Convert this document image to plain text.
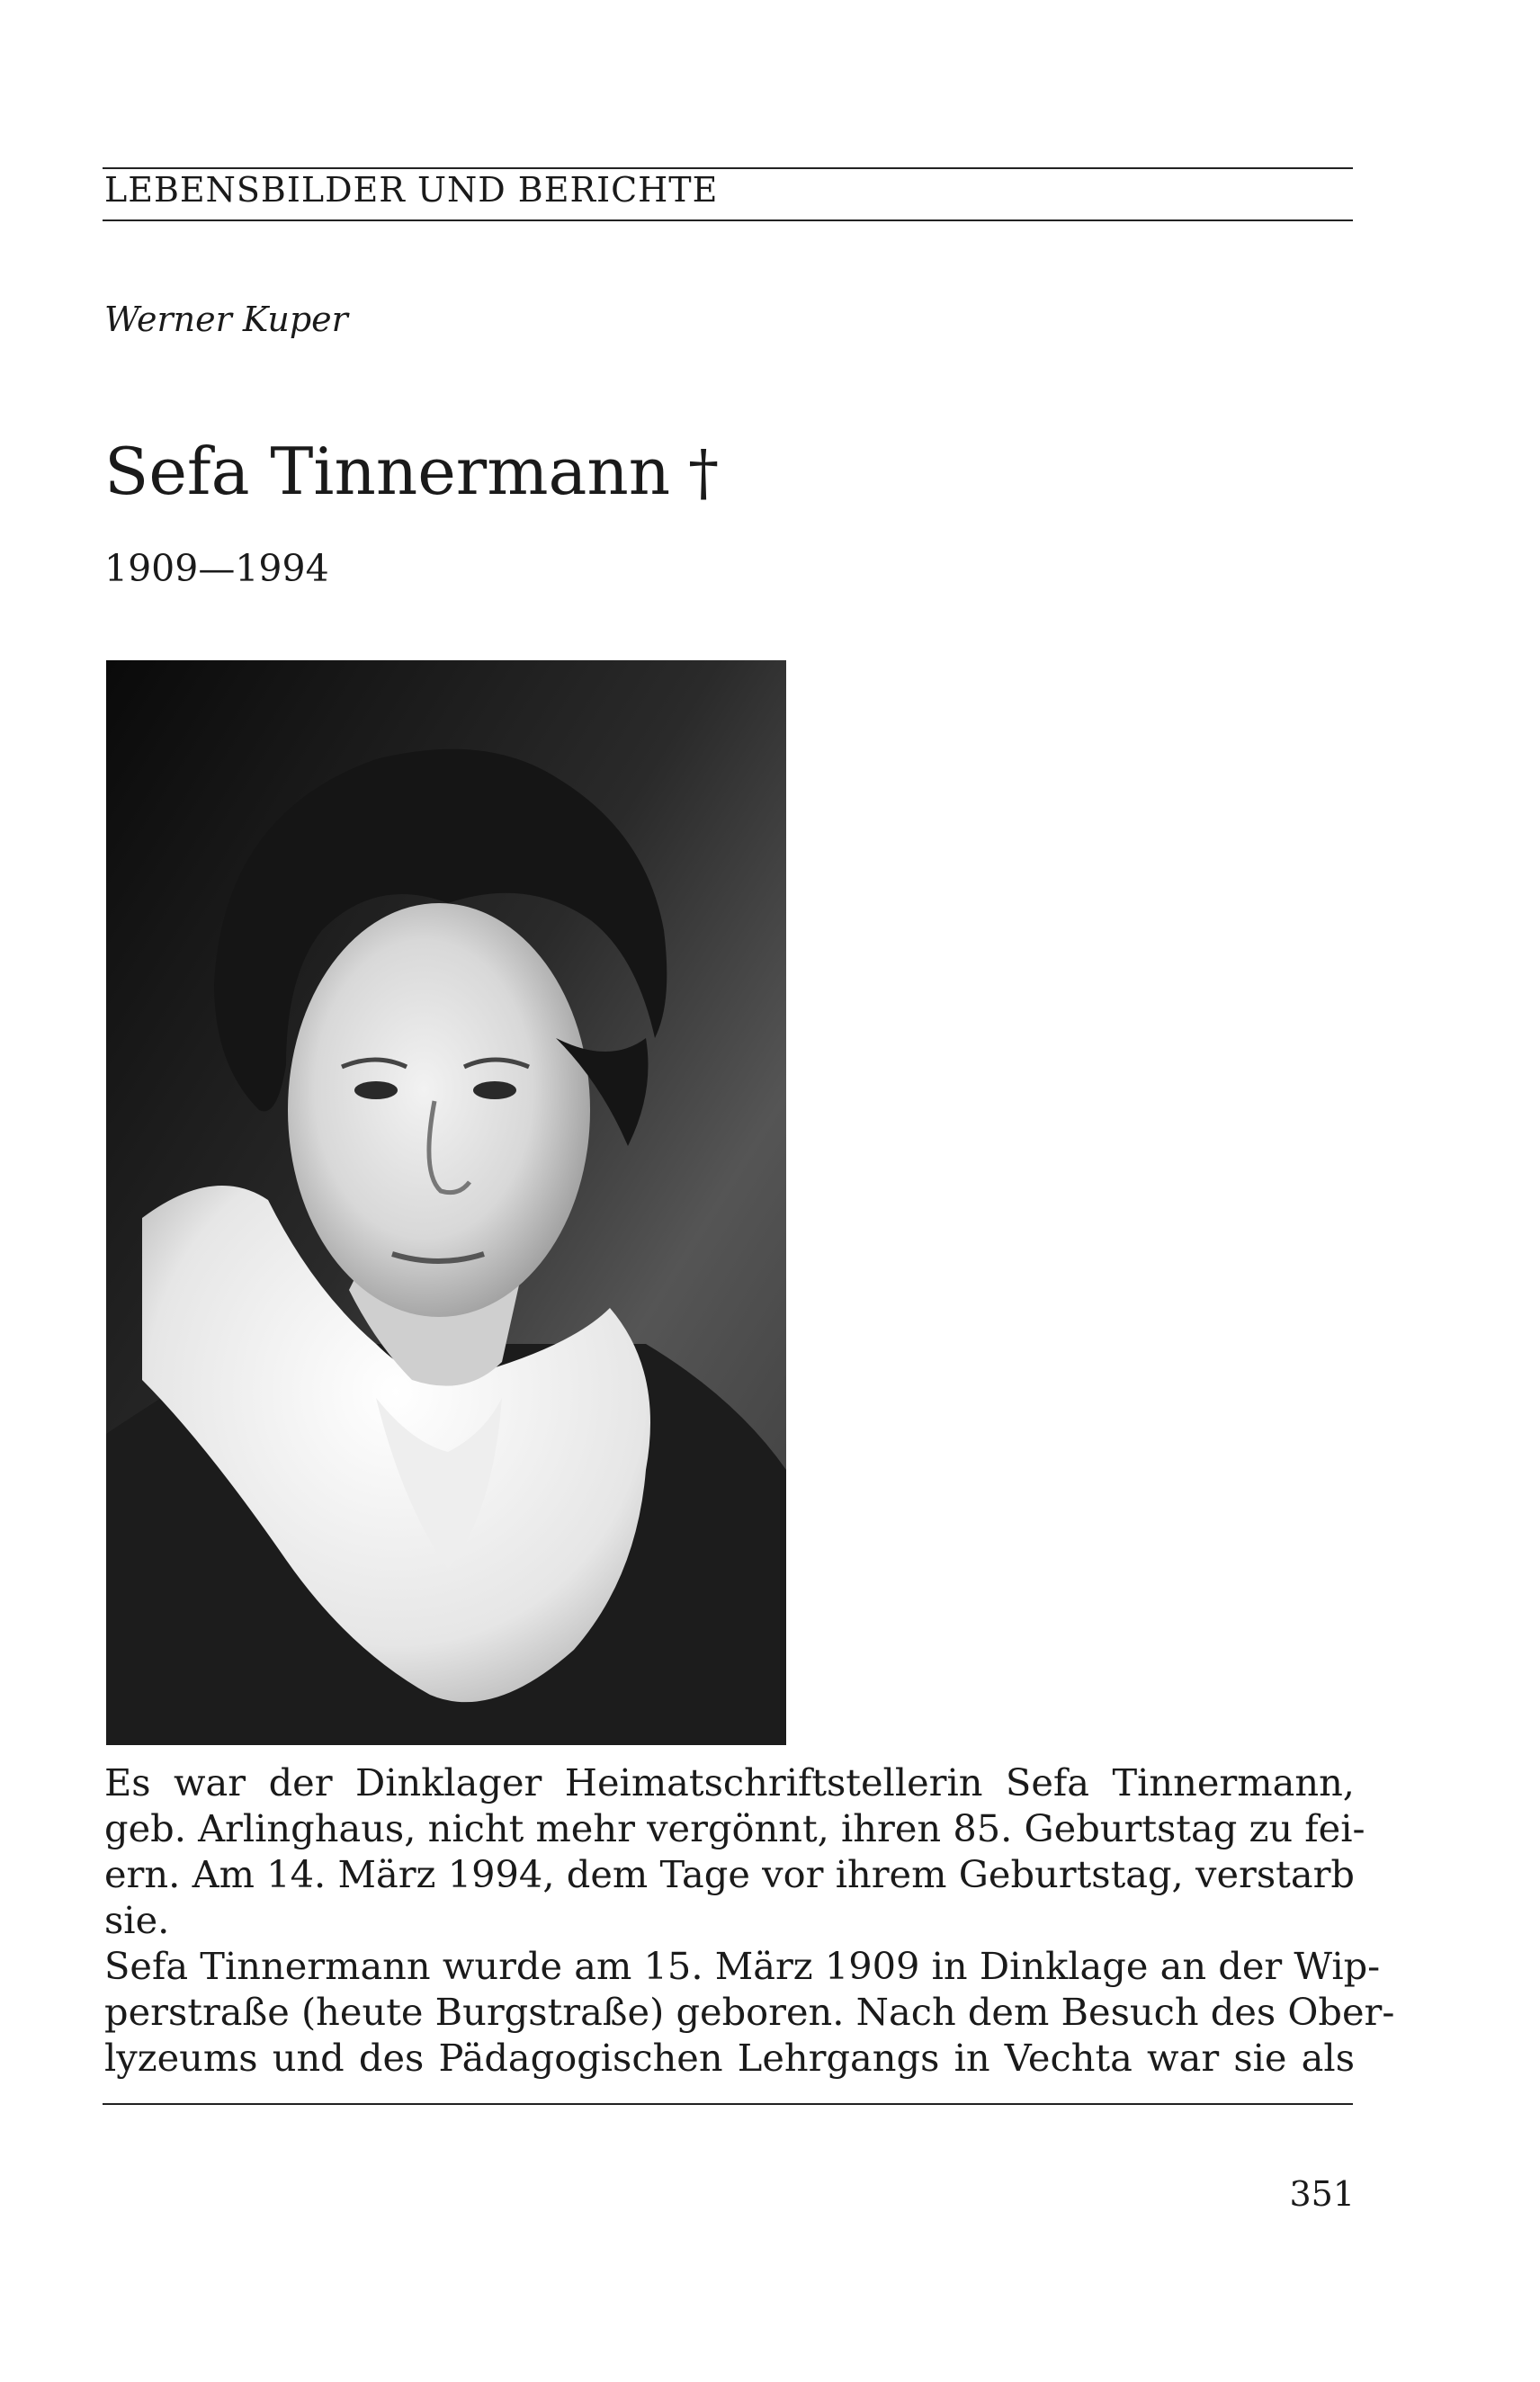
LEBENSBILDER UND BERICHTE
Werner Kuper
Sefa Tinnermann †
1909—1994
Es war der Dinklager Heimatschriftstellerin Sefa Tinnermann,
geb. Arlinghaus, nicht mehr vergönnt, ihren 85. Geburtstag zu fei-
ern. Am 14. März 1994, dem Tage vor ihrem Geburtstag, verstarb
sie.
Sefa Tinnermann wurde am 15. März 1909 in Dinklage an der Wip-
perstraße (heute Burgstraße) geboren. Nach dem Besuch des Ober-
lyzeums und des Pädagogischen Lehrgangs in Vechta war sie als
351
